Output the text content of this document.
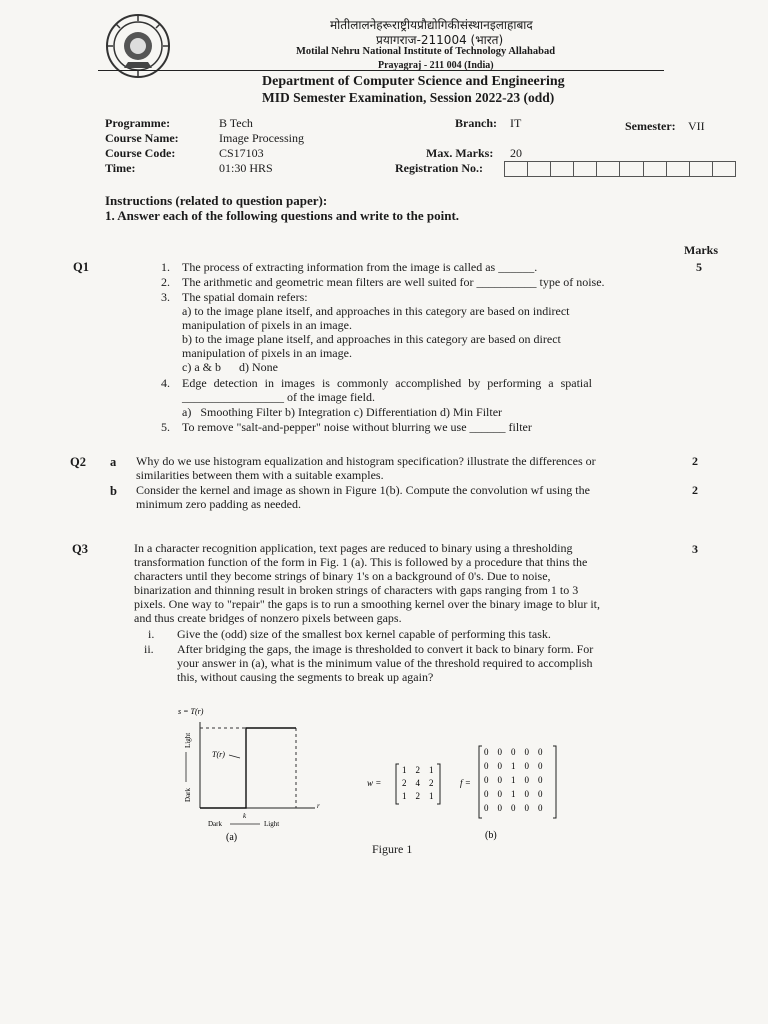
मोतीलालनेहरूराष्ट्रीयप्रौद्योगिकीसंस्थानइलाहाबाद
प्रयागराज-211004 (भारत)
Motilal Nehru National Institute of Technology Allahabad
Prayagraj - 211 004 (India)
Department of Computer Science and Engineering
MID Semester Examination, Session 2022-23 (odd)
Programme:	B Tech
Course Name:	Image Processing
Course Code:	CS17103
Time:	01:30 HRS
Branch: IT	Semester: VII
Max. Marks: 20
Registration No.:
Instructions (related to question paper):
1. Answer each of the following questions and write to the point.
Marks
Q1	5
1. The process of extracting information from the image is called as ______.
2. The arithmetic and geometric mean filters are well suited for __________ type of noise.
3. The spatial domain refers:
a) to the image plane itself, and approaches in this category are based on indirect
manipulation of pixels in an image.
b) to the image plane itself, and approaches in this category are based on direct
manipulation of pixels in an image.
c) a & b      d) None
4. Edge detection in images is commonly accomplished by performing a spatial
_________________ of the image field.
a)   Smoothing Filter b) Integration c) Differentiation d) Min Filter
5. To remove "salt-and-pepper" noise without blurring we use ______ filter
Q2 a Why do we use histogram equalization and histogram specification? illustrate the differences or
similarities between them with a suitable examples.
2
b Consider the kernel and image as shown in Figure 1(b). Compute the convolution wf using the
minimum zero padding as needed.
2
Q3	3
In a character recognition application, text pages are reduced to binary using a thresholding
transformation function of the form in Fig. 1 (a). This is followed by a procedure that thins the
characters until they become strings of binary 1's on a background of 0's. Due to noise,
binarization and thinning result in broken strings of characters with gaps ranging from 1 to 3
pixels. One way to "repair" the gaps is to run a smoothing kernel over the binary image to blur it,
and thus create bridges of nonzero pixels between gaps.
i. Give the (odd) size of the smallest box kernel capable of performing this task.
ii. After bridging the gaps, the image is thresholded to convert it back to binary form. For
your answer in (a), what is the minimum value of the threshold required to accomplish
this, without causing the segments to break up again?
s = T(r)
T(r)
Light
Dark
r
k
Dark	Light
(a)
w =
1  2  1
2  4  2
1  2  1
f =
0  0  0  0  0
0  0  1  0  0
0  0  1  0  0
0  0  1  0  0
0  0  0  0  0
(b)
Figure 1
